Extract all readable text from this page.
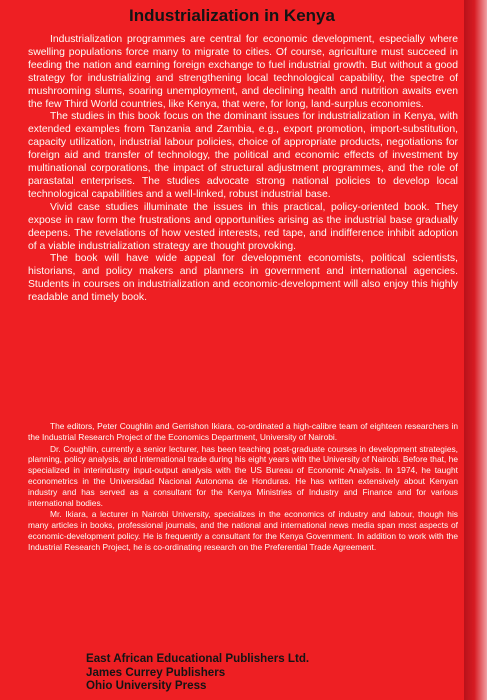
Industrialization in Kenya

Industrialization programmes are central for economic development, especially where swelling populations force many to migrate to cities. Of course, agriculture must succeed in feeding the nation and earning foreign exchange to fuel industrial growth. But without a good strategy for industrializing and strengthening local technological capability, the spectre of mushrooming slums, soaring unemployment, and declining health and nutrition awaits even the few Third World countries, like Kenya, that were, for long, land-surplus economies.

The studies in this book focus on the dominant issues for industrialization in Kenya, with extended examples from Tanzania and Zambia, e.g., export promotion, import-substitution, capacity utilization, industrial labour policies, choice of appropriate products, negotiations for foreign aid and transfer of technology, the political and economic effects of investment by multinational corporations, the impact of structural adjustment programmes, and the role of parastatal enterprises. The studies advocate strong national policies to develop local technological capabilities and a well-linked, robust industrial base.

Vivid case studies illuminate the issues in this practical, policy-oriented book. They expose in raw form the frustrations and opportunities arising as the industrial base gradually deepens. The revelations of how vested interests, red tape, and indifference inhibit adoption of a viable industrialization strategy are thought provoking.

The book will have wide appeal for development economists, political scientists, historians, and policy makers and planners in government and international agencies. Students in courses on industrialization and economic-development will also enjoy this highly readable and timely book.

The editors, Peter Coughlin and Gerrishon Ikiara, co-ordinated a high-calibre team of eighteen researchers in the Industrial Research Project of the Economics Department, University of Nairobi.

Dr. Coughlin, currently a senior lecturer, has been teaching post-graduate courses in development strategies, planning, policy analysis, and international trade during his eight years with the University of Nairobi. Before that, he specialized in interindustry input-output analysis with the US Bureau of Economic Analysis. In 1974, he taught econometrics in the Universidad Nacional Autonoma de Honduras. He has written extensively about Kenyan industry and has served as a consultant for the Kenya Ministries of Industry and Finance and for various international bodies.

Mr. Ikiara, a lecturer in Nairobi University, specializes in the economics of industry and labour, though his many articles in books, professional journals, and the national and international news media span most aspects of economic-development policy. He is frequently a consultant for the Kenya Government. In addition to work with the Industrial Research Project, he is co-ordinating research on the Preferential Trade Agreement.

East African Educational Publishers Ltd.
James Currey Publishers
Ohio University Press
